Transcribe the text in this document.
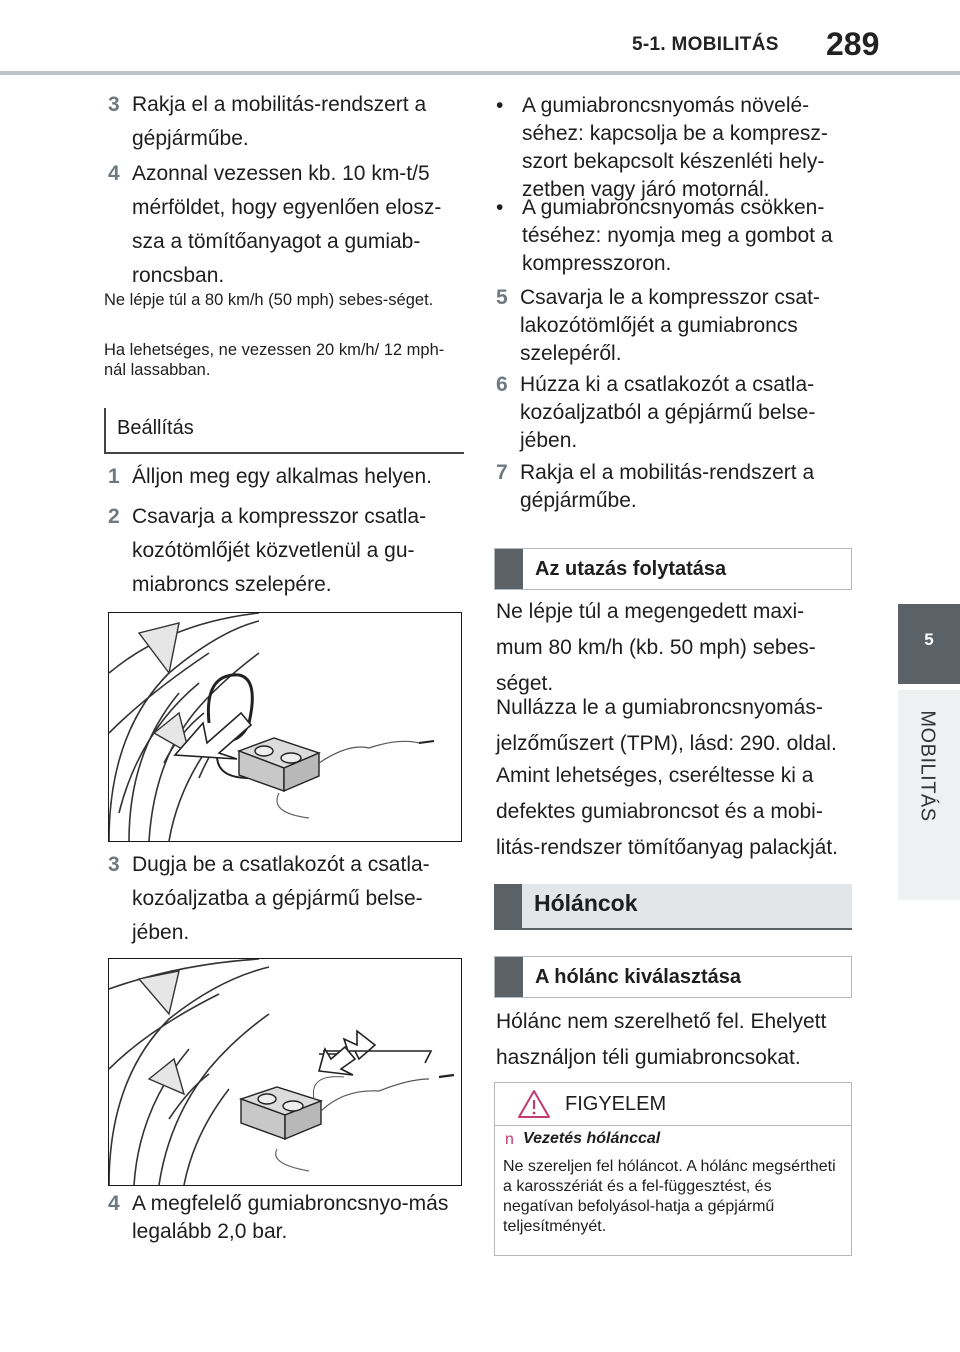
5-1. MOBILITÁS 289
5
MOBILITÁS
3 Rakja el a mobilitás-rendszert a gépjárműbe.
4 Azonnal vezessen kb. 10 km-t/5 mérföldet, hogy egyenlően elosz-sza a tömítőanyagot a gumiab-roncsban.
Ne lépje túl a 80 km/h (50 mph) sebes-séget.
Ha lehetséges, ne vezessen 20 km/h/ 12 mph-nál lassabban.
Beállítás
1 Álljon meg egy alkalmas helyen.
2 Csavarja a kompresszor csatla-kozótömlőjét közvetlenül a gu-miabroncs szelepére.
3 Dugja be a csatlakozót a csatla-kozóaljzatba a gépjármű belse-jében.
4 A megfelelő gumiabroncsnyo-más legalább 2,0 bar.
• A gumiabroncsnyomás növelé-séhez: kapcsolja be a kompresz-szort bekapcsolt készenléti hely-zetben vagy járó motornál.
• A gumiabroncsnyomás csökken-téséhez: nyomja meg a gombot a kompresszoron.
5 Csavarja le a kompresszor csat-lakozótömlőjét a gumiabroncs szelepéről.
6 Húzza ki a csatlakozót a csatla-kozóaljzatból a gépjármű belse-jében.
7 Rakja el a mobilitás-rendszert a gépjárműbe.
Az utazás folytatása
Ne lépje túl a megengedett maxi-mum 80 km/h (kb. 50 mph) sebes-séget.
Nullázza le a gumiabroncsnyomás-jelzőműszert (TPM), lásd: 290. oldal.
Amint lehetséges, cseréltesse ki a defektes gumiabroncsot és a mobi-litás-rendszer tömítőanyag palackját.
Hóláncok
A hólánc kiválasztása
Hólánc nem szerelhető fel. Ehelyett használjon téli gumiabroncsokat.
FIGYELEM
n Vezetés hólánccal
Ne szereljen fel hóláncot. A hólánc megsértheti a karosszériát és a fel-függesztést, és negatívan befolyásol-hatja a gépjármű teljesítményét.
